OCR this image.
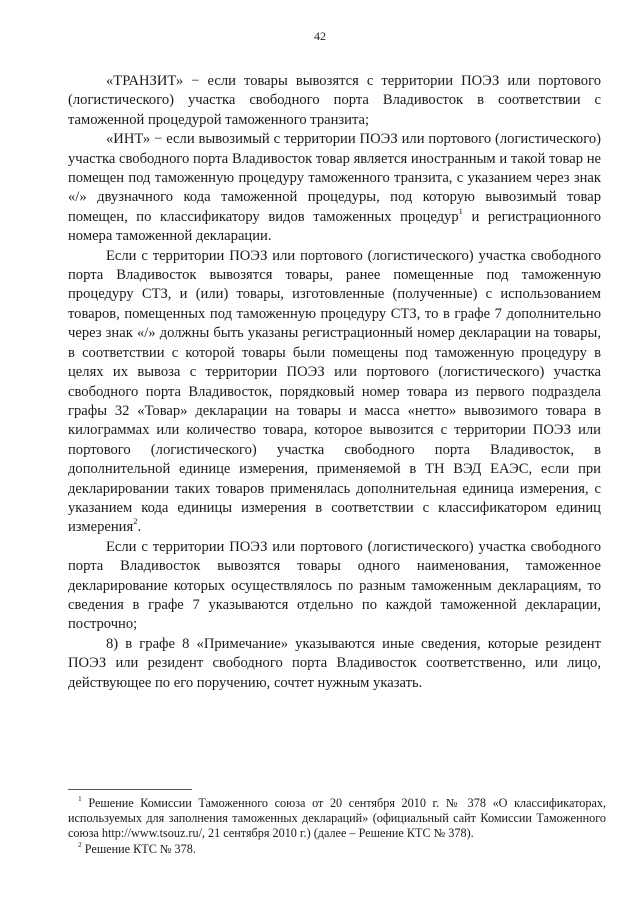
42

«ТРАНЗИТ» − если товары вывозятся с территории ПОЭЗ или портового (логистического) участка свободного порта Владивосток в соответствии с таможенной процедурой таможенного транзита;

«ИНТ» − если вывозимый с территории ПОЭЗ или портового (логистического) участка свободного порта Владивосток товар является иностранным и такой товар не помещен под таможенную процедуру таможенного транзита, с указанием через знак «/» двузначного кода таможенной процедуры, под которую вывозимый товар помещен, по классификатору видов таможенных процедур$^1$ и регистрационного номера таможенной декларации.

Если с территории ПОЭЗ или портового (логистического) участка свободного порта Владивосток вывозятся товары, ранее помещенные под таможенную процедуру СТЗ, и (или) товары, изготовленные (полученные) с использованием товаров, помещенных под таможенную процедуру СТЗ, то в графе 7 дополнительно через знак «/» должны быть указаны регистрационный номер декларации на товары, в соответствии с которой товары были помещены под таможенную процедуру в целях их вывоза с территории ПОЭЗ или портового (логистического) участка свободного порта Владивосток, порядковый номер товара из первого подраздела графы 32 «Товар» декларации на товары и масса «нетто» вывозимого товара в килограммах или количество товара, которое вывозится с территории ПОЭЗ или портового (логистического) участка свободного порта Владивосток, в дополнительной единице измерения, применяемой в ТН ВЭД ЕАЭС, если при декларировании таких товаров применялась дополнительная единица измерения, с указанием кода единицы измерения в соответствии с классификатором единиц измерения$^2$.

Если с территории ПОЭЗ или портового (логистического) участка свободного порта Владивосток вывозятся товары одного наименования, таможенное декларирование которых осуществлялось по разным таможенным декларациям, то сведения в графе 7 указываются отдельно по каждой таможенной декларации, построчно;

8) в графе 8 «Примечание» указываются иные сведения, которые резидент ПОЭЗ или резидент свободного порта Владивосток соответственно, или лицо, действующее по его поручению, сочтет нужным указать.

$^1$ Решение Комиссии Таможенного союза от 20 сентября 2010 г. № 378 «О классификаторах, используемых для заполнения таможенных деклараций» (официальный сайт Комиссии Таможенного союза http://www.tsouz.ru/, 21 сентября 2010 г.) (далее – Решение КТС № 378).

$^2$ Решение КТС № 378.
